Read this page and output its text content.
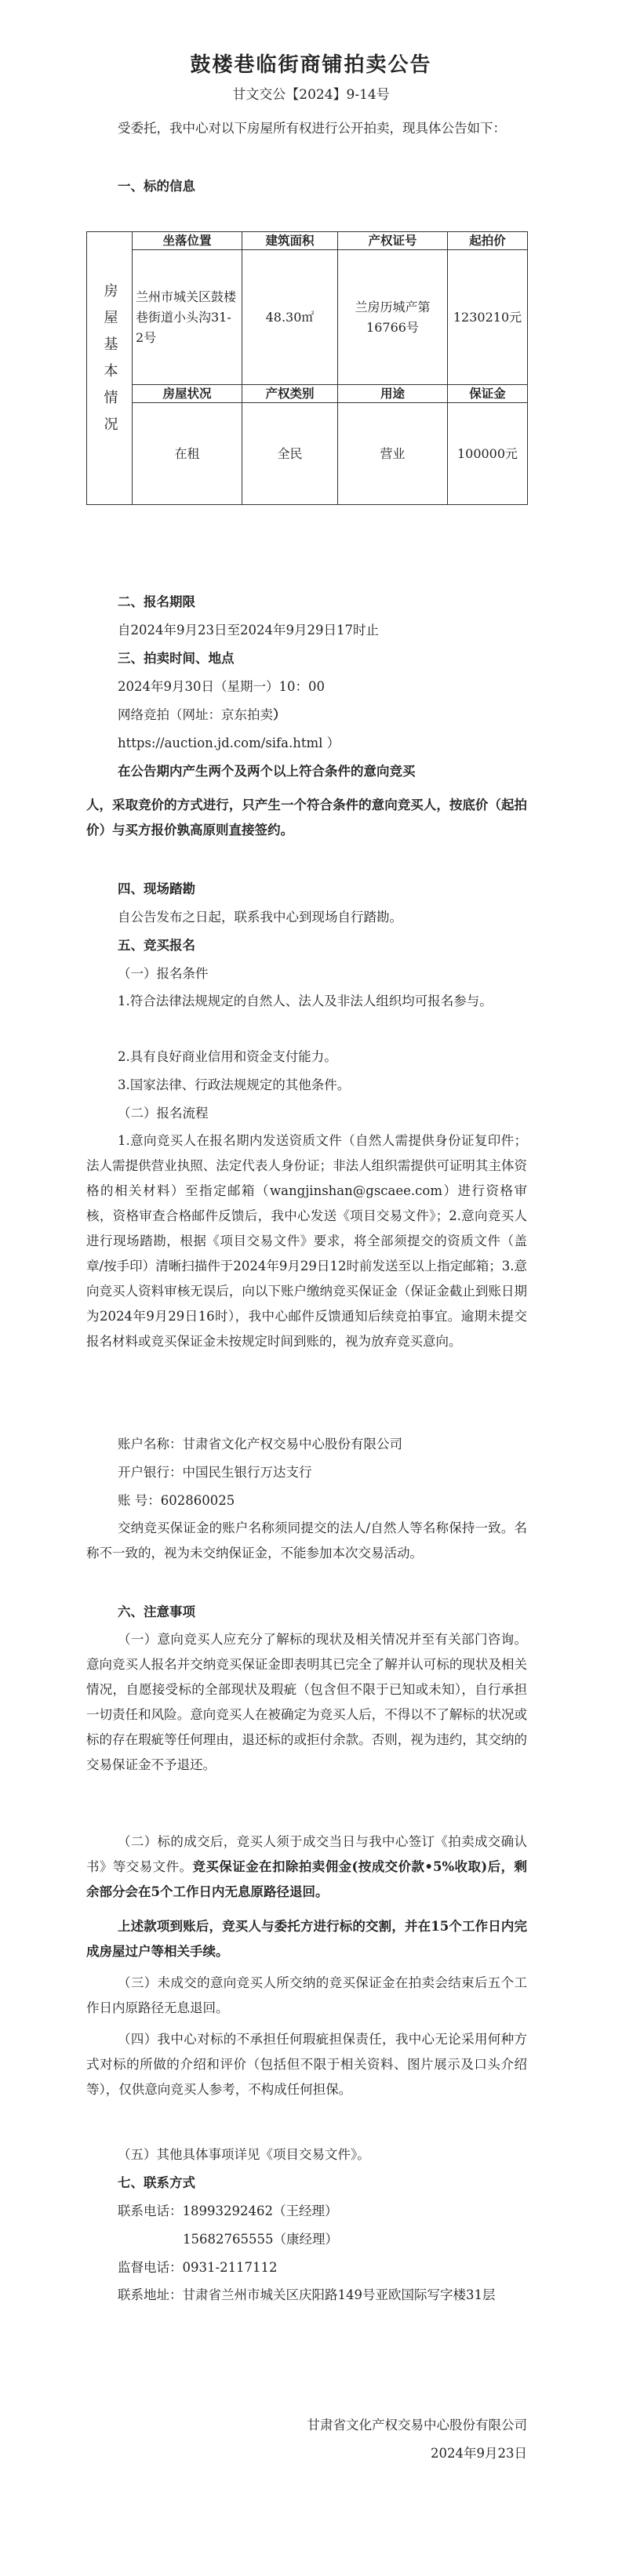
鼓楼巷临街商铺拍卖公告
甘文交公【2024】9-14号
受委托，我中心对以下房屋所有权进行公开拍卖，现具体公告如下：
一、标的信息
房屋基本情况	坐落位置	建筑面积	产权证号	起拍价
	兰州市城关区鼓楼巷街道小头沟31-2号	48.30㎡	兰房历城产第16766号	1230210元
	房屋状况	产权类别	用途	保证金
	在租	全民	营业	100000元
二、报名期限
自2024年9月23日至2024年9月29日17时止
三、拍卖时间、地点
2024年9月30日（星期一）10：00
网络竞拍（网址：京东拍卖）
https://auction.jd.com/sifa.html ）
在公告期内产生两个及两个以上符合条件的意向竞买
人，采取竞价的方式进行，只产生一个符合条件的意向竞买人，按底价（起拍价）与买方报价孰高原则直接签约。
四、现场踏勘
自公告发布之日起，联系我中心到现场自行踏勘。
五、竞买报名
（一）报名条件
1.符合法律法规规定的自然人、法人及非法人组织均可报名参与。
2.具有良好商业信用和资金支付能力。
3.国家法律、行政法规规定的其他条件。
（二）报名流程
1.意向竞买人在报名期内发送资质文件（自然人需提供身份证复印件；法人需提供营业执照、法定代表人身份证；非法人组织需提供可证明其主体资格的相关材料）至指定邮箱（wangjinshan@gscaee.com）进行资格审核，资格审查合格邮件反馈后，我中心发送《项目交易文件》；2.意向竞买人进行现场踏勘，根据《项目交易文件》要求，将全部须提交的资质文件（盖章/按手印）清晰扫描件于2024年9月29日12时前发送至以上指定邮箱；3.意向竞买人资料审核无误后，向以下账户缴纳竞买保证金（保证金截止到账日期为2024年9月29日16时），我中心邮件反馈通知后续竞拍事宜。逾期未提交报名材料或竞买保证金未按规定时间到账的，视为放弃竞买意向。
账户名称：甘肃省文化产权交易中心股份有限公司
开户银行：中国民生银行万达支行
账 号：602860025
交纳竞买保证金的账户名称须同提交的法人/自然人等名称保持一致。名称不一致的，视为未交纳保证金，不能参加本次交易活动。
六、注意事项
（一）意向竞买人应充分了解标的现状及相关情况并至有关部门咨询。意向竞买人报名并交纳竞买保证金即表明其已完全了解并认可标的现状及相关情况，自愿接受标的全部现状及瑕疵（包含但不限于已知或未知），自行承担一切责任和风险。意向竞买人在被确定为竞买人后，不得以不了解标的状况或标的存在瑕疵等任何理由，退还标的或拒付余款。否则，视为违约，其交纳的交易保证金不予退还。
（二）标的成交后，竞买人须于成交当日与我中心签订《拍卖成交确认书》等交易文件。竞买保证金在扣除拍卖佣金(按成交价款•5%收取)后，剩余部分会在5个工作日内无息原路径退回。
上述款项到账后，竞买人与委托方进行标的交割，并在15个工作日内完成房屋过户等相关手续。
（三）未成交的意向竞买人所交纳的竞买保证金在拍卖会结束后五个工作日内原路径无息退回。
（四）我中心对标的不承担任何瑕疵担保责任，我中心无论采用何种方式对标的所做的介绍和评价（包括但不限于相关资料、图片展示及口头介绍等），仅供意向竞买人参考，不构成任何担保。
（五）其他具体事项详见《项目交易文件》。
七、联系方式
联系电话：18993292462（王经理）
15682765555（康经理）
监督电话：0931-2117112
联系地址：甘肃省兰州市城关区庆阳路149号亚欧国际写字楼31层
甘肃省文化产权交易中心股份有限公司
2024年9月23日
